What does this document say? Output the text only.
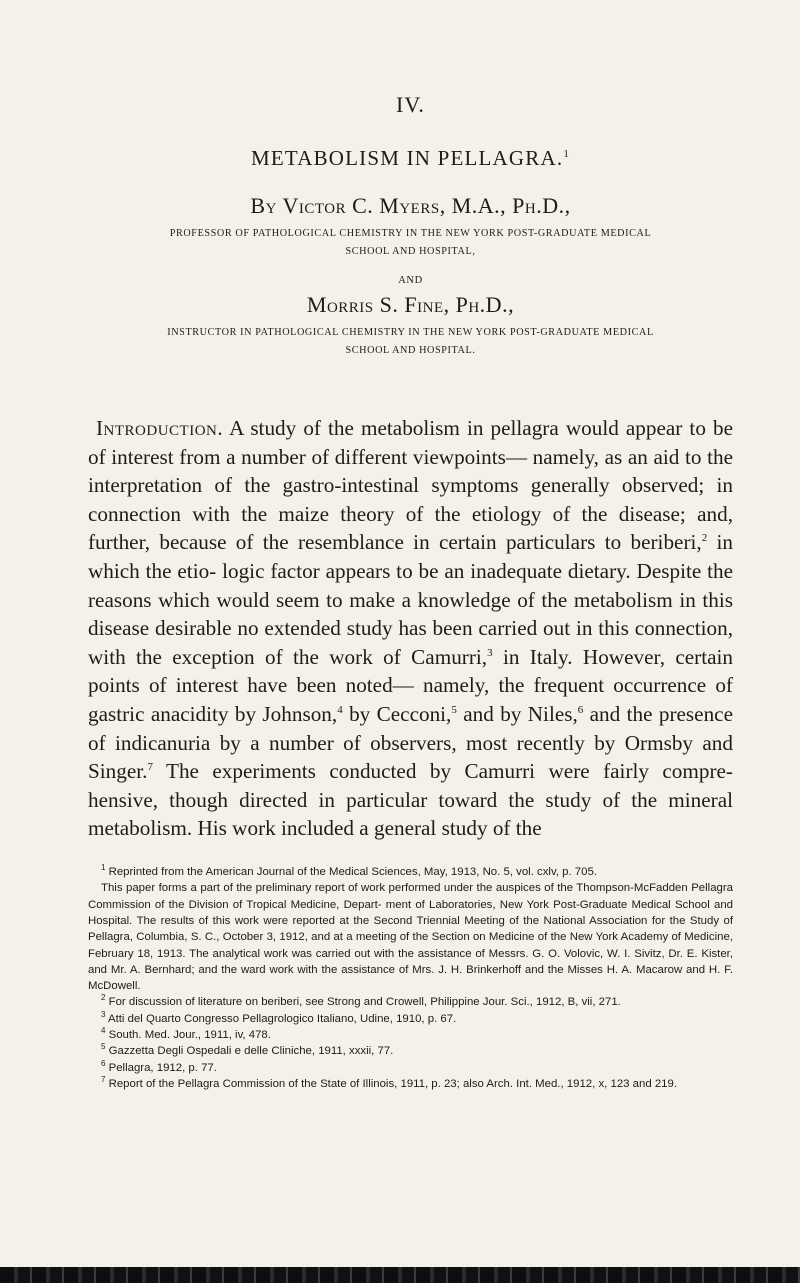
IV.
METABOLISM IN PELLAGRA.$^1$
By Victor C. Myers, M.A., Ph.D.,

PROFESSOR OF PATHOLOGICAL CHEMISTRY IN THE NEW YORK POST-GRADUATE MEDICAL
SCHOOL AND HOSPITAL,

AND
Morris S. Fine, Ph.D.,

INSTRUCTOR IN PATHOLOGICAL CHEMISTRY IN THE NEW YORK POST-GRADUATE MEDICAL
SCHOOL AND HOSPITAL.

Introduction. A study of the metabolism in pellagra would appear to be of interest from a number of different viewpoints— namely, as an aid to the interpretation of the gastro-intestinal symptoms generally observed; in connection with the maize theory of the etiology of the disease; and, further, because of the resemblance in certain particulars to beriberi,$^2$ in which the etio- logic factor appears to be an inadequate dietary. Despite the reasons which would seem to make a knowledge of the metabolism in this disease desirable no extended study has been carried out in this connection, with the exception of the work of Camurri,$^3$ in Italy. However, certain points of interest have been noted— namely, the frequent occurrence of gastric anacidity by Johnson,$^4$ by Cecconi,$^5$ and by Niles,$^6$ and the presence of indicanuria by a number of observers, most recently by Ormsby and Singer.$^7$ The experiments conducted by Camurri were fairly compre- hensive, though directed in particular toward the study of the mineral metabolism. His work included a general study of the

$^1$ Reprinted from the American Journal of the Medical Sciences, May, 1913, No. 5, vol. cxlv, p. 705.

This paper forms a part of the preliminary report of work performed under the auspices of the Thompson-McFadden Pellagra Commission of the Division of Tropical Medicine, Depart- ment of Laboratories, New York Post-Graduate Medical School and Hospital. The results of this work were reported at the Second Triennial Meeting of the National Association for the Study of Pellagra, Columbia, S. C., October 3, 1912, and at a meeting of the Section on Medicine of the New York Academy of Medicine, February 18, 1913. The analytical work was carried out with the assistance of Messrs. G. O. Volovic, W. I. Sivitz, Dr. E. Kister, and Mr. A. Bernhard; and the ward work with the assistance of Mrs. J. H. Brinkerhoff and the Misses H. A. Macarow and H. F. McDowell.

$^2$ For discussion of literature on beriberi, see Strong and Crowell, Philippine Jour. Sci., 1912, B, vii, 271.

$^3$ Atti del Quarto Congresso Pellagrologico Italiano, Udine, 1910, p. 67.

$^4$ South. Med. Jour., 1911, iv, 478.

$^5$ Gazzetta Degli Ospedali e delle Cliniche, 1911, xxxii, 77.

$^6$ Pellagra, 1912, p. 77.

$^7$ Report of the Pellagra Commission of the State of Illinois, 1911, p. 23; also Arch. Int. Med., 1912, x, 123 and 219.
